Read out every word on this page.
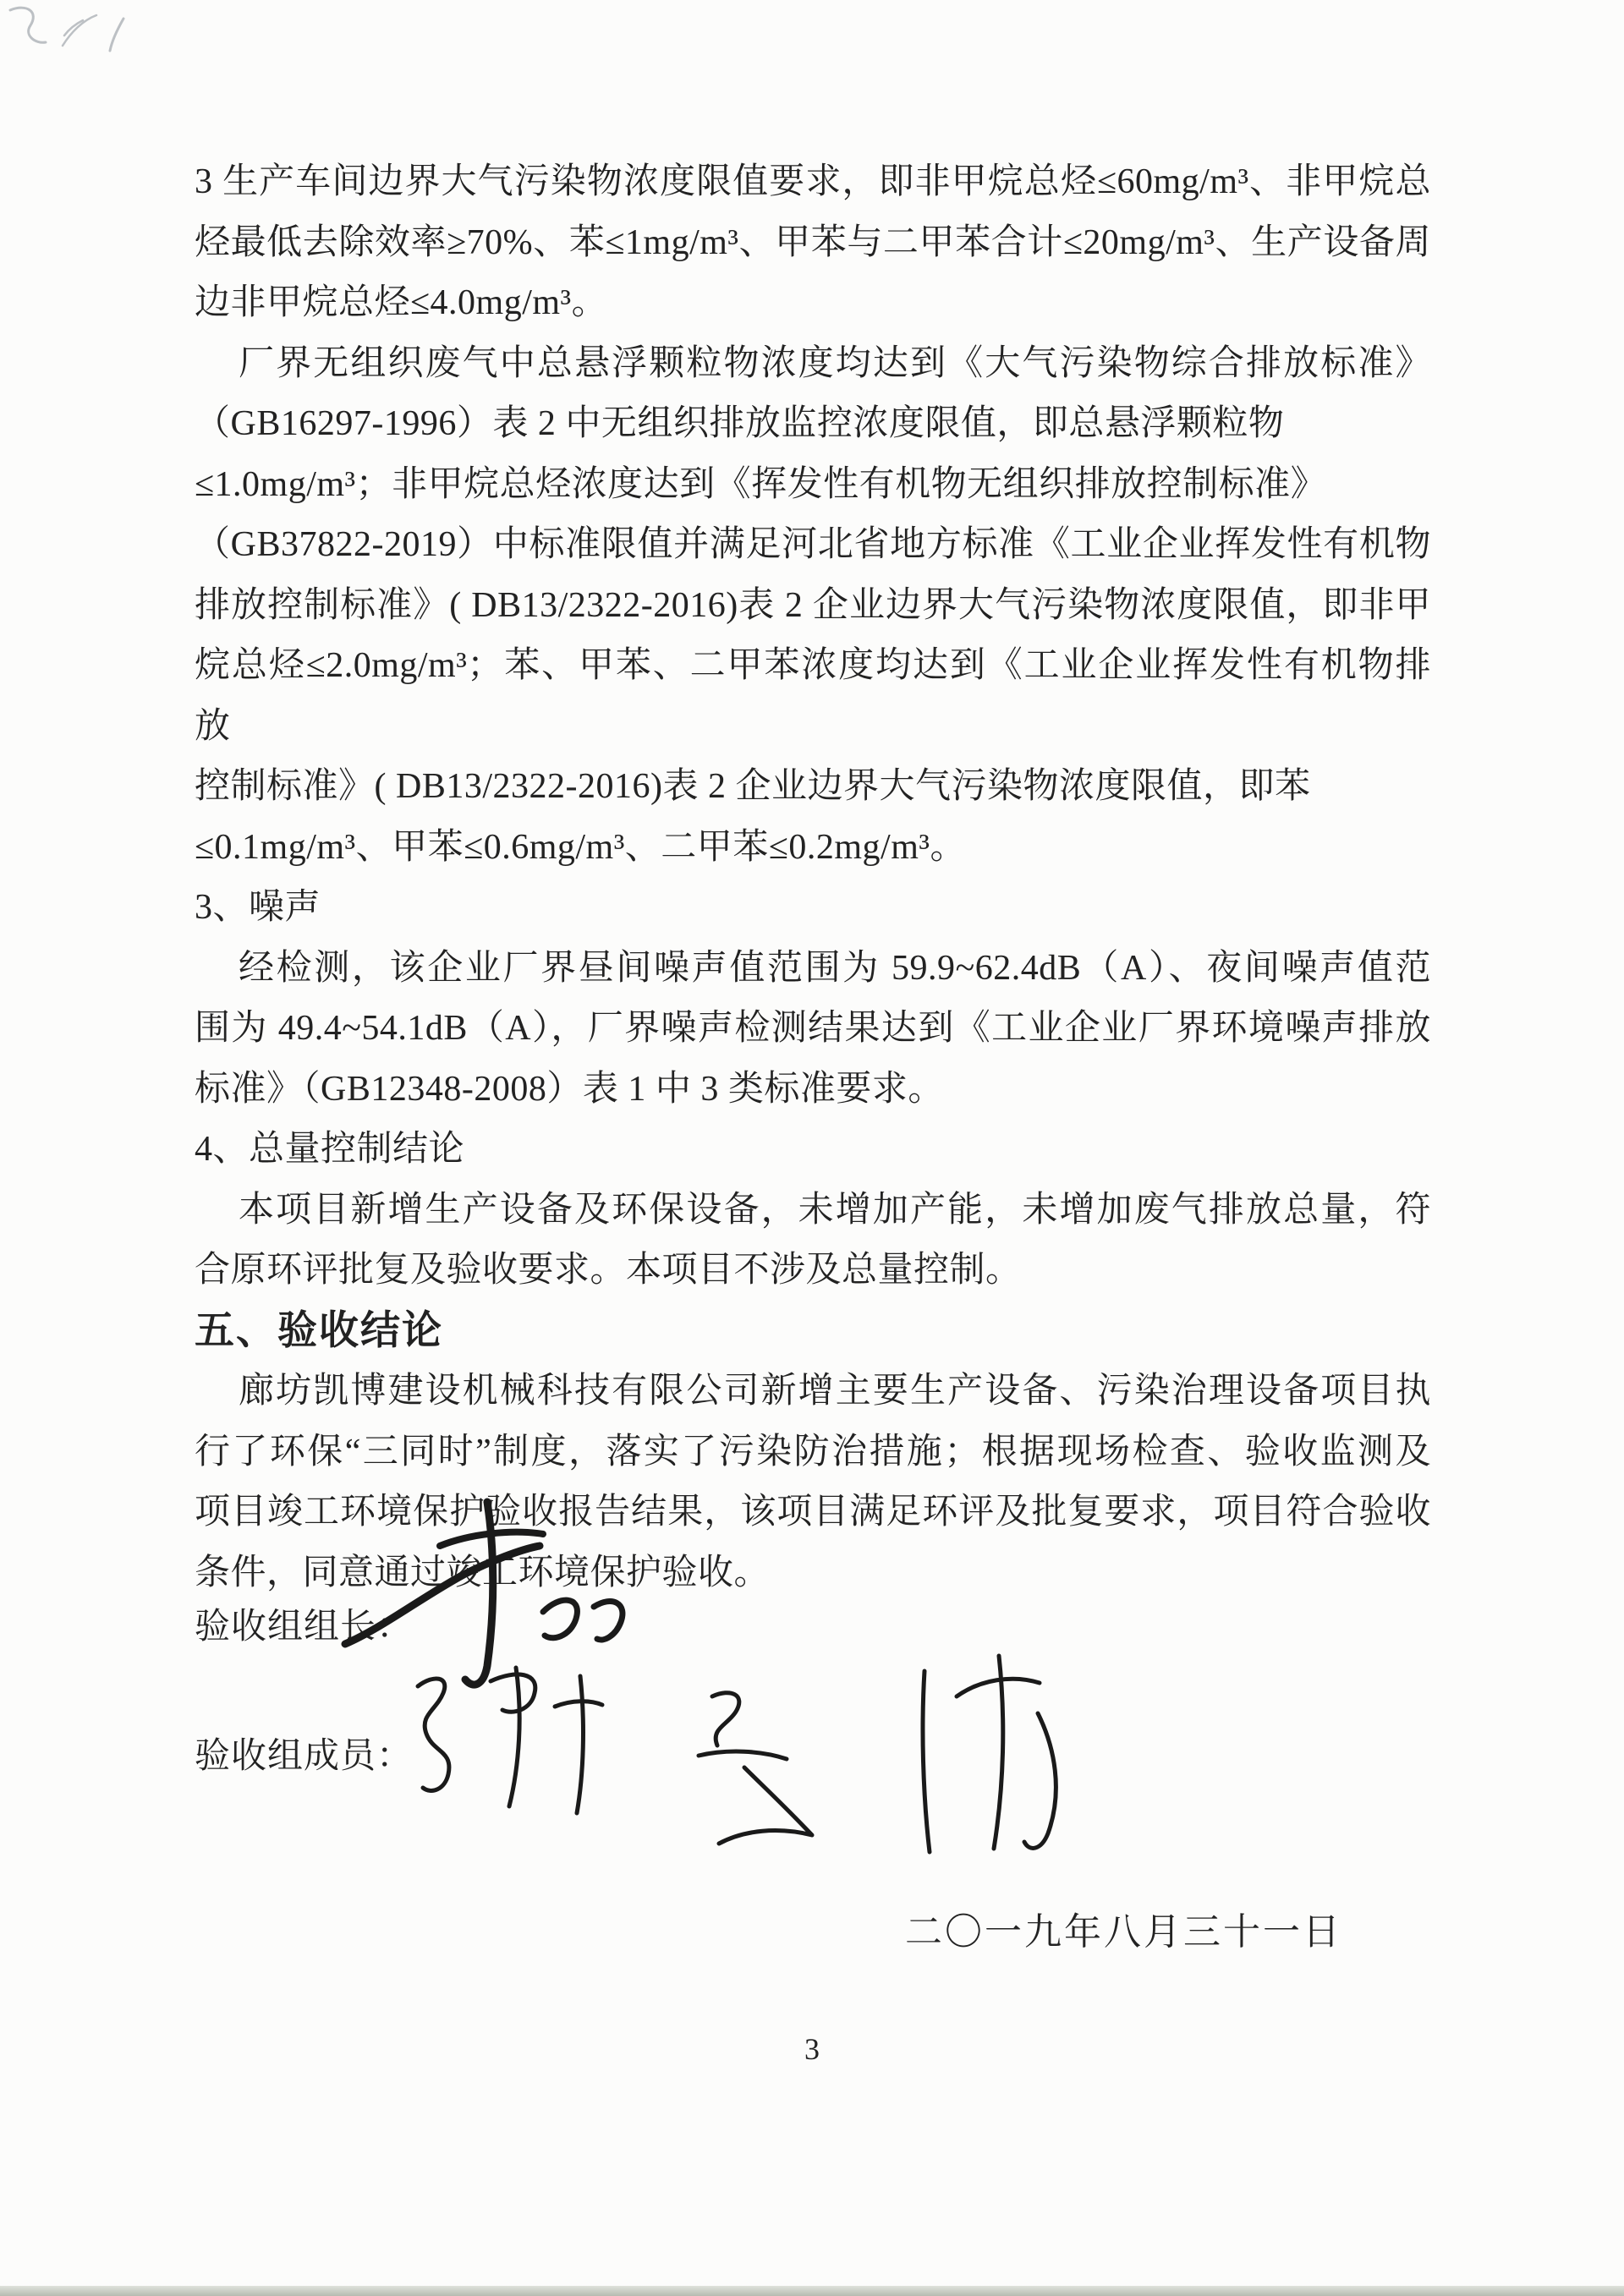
3 生产车间边界大气污染物浓度限值要求，即非甲烷总烃≤60mg/m³、非甲烷总
烃最低去除效率≥70%、苯≤1mg/m³、甲苯与二甲苯合计≤20mg/m³、生产设备周
边非甲烷总烃≤4.0mg/m³。
厂界无组织废气中总悬浮颗粒物浓度均达到《大气污染物综合排放标准》
（GB16297-1996）表 2 中无组织排放监控浓度限值，即总悬浮颗粒物
≤1.0mg/m³；非甲烷总烃浓度达到《挥发性有机物无组织排放控制标准》
（GB37822-2019）中标准限值并满足河北省地方标准《工业企业挥发性有机物
排放控制标准》( DB13/2322-2016)表 2 企业边界大气污染物浓度限值，即非甲
烷总烃≤2.0mg/m³；苯、甲苯、二甲苯浓度均达到《工业企业挥发性有机物排放
控制标准》( DB13/2322-2016)表 2 企业边界大气污染物浓度限值，即苯
≤0.1mg/m³、甲苯≤0.6mg/m³、二甲苯≤0.2mg/m³。
3、噪声
经检测，该企业厂界昼间噪声值范围为 59.9~62.4dB（A）、夜间噪声值范
围为 49.4~54.1dB（A），厂界噪声检测结果达到《工业企业厂界环境噪声排放
标准》（GB12348-2008）表 1 中 3 类标准要求。
4、总量控制结论
本项目新增生产设备及环保设备，未增加产能，未增加废气排放总量，符
合原环评批复及验收要求。本项目不涉及总量控制。
五、验收结论
廊坊凯博建设机械科技有限公司新增主要生产设备、污染治理设备项目执
行了环保“三同时”制度，落实了污染防治措施；根据现场检查、验收监测及
项目竣工环境保护验收报告结果，该项目满足环评及批复要求，项目符合验收
条件，同意通过竣工环境保护验收。
验收组组长：
验收组成员：
二〇一九年八月三十一日
3
